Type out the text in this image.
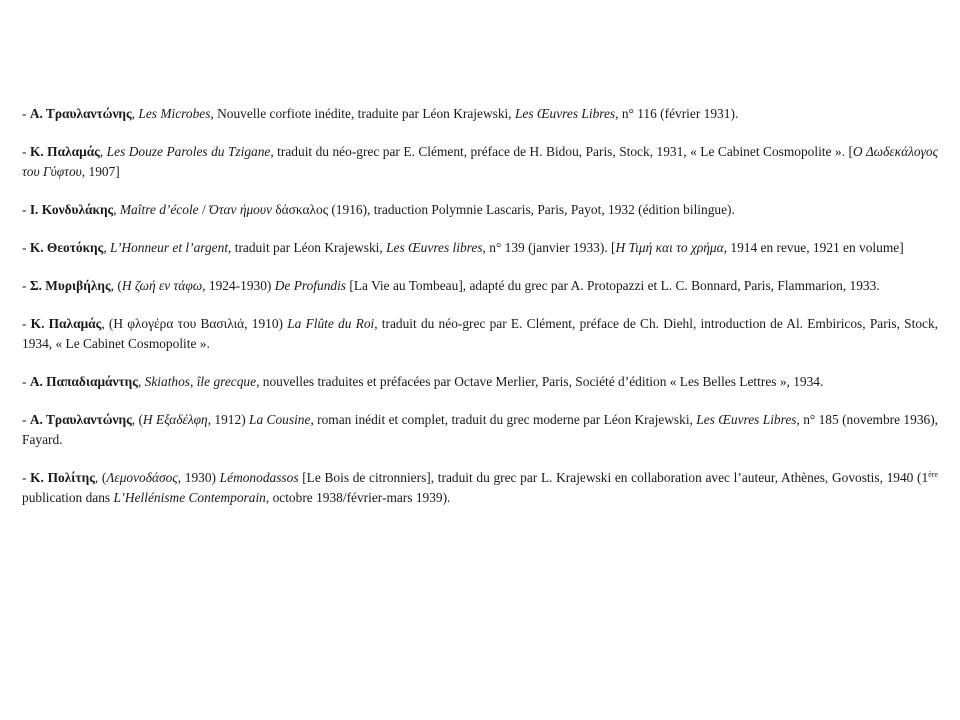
- Α. Τραυλαντώνης, Les Microbes, Nouvelle corfiote inédite, traduite par Léon Krajewski, Les Œuvres Libres, n° 116 (février 1931).

- Κ. Παλαμάς, Les Douze Paroles du Tzigane, traduit du néo-grec par E. Clément, préface de H. Bidou, Paris, Stock, 1931, « Le Cabinet Cosmopolite ». [Ο Δωδεκάλογος του Γύφτου, 1907]

- Ι. Κονδυλάκης, Maître d’école / Όταν ήμουν δάσκαλος (1916), traduction Polymnie Lascaris, Paris, Payot, 1932 (édition bilingue).

- Κ. Θεοτόκης, L’Honneur et l’argent, traduit par Léon Krajewski, Les Œuvres libres, n° 139 (janvier 1933). [Η Τιμή και το χρήμα, 1914 en revue, 1921 en volume]

- Σ. Μυριβήλης, (Η ζωή εν τάφω, 1924-1930) De Profundis [La Vie au Tombeau], adapté du grec par A. Protopazzi et L. C. Bonnard, Paris, Flammarion, 1933.

- Κ. Παλαμάς, (Η φλογέρα του Βασιλιά, 1910) La Flûte du Roi, traduit du néo-grec par E. Clément, préface de Ch. Diehl, introduction de Al. Embiricos, Paris, Stock, 1934, « Le Cabinet Cosmopolite ».

- Α. Παπαδιαμάντης, Skiathos, île grecque, nouvelles traduites et préfacées par Octave Merlier, Paris, Société d’édition « Les Belles Lettres », 1934.

- Α. Τραυλαντώνης, (Η Εξαδέλφη, 1912) La Cousine, roman inédit et complet, traduit du grec moderne par Léon Krajewski, Les Œuvres Libres, n° 185 (novembre 1936), Fayard.

- Κ. Πολίτης, (Λεμονοδάσος, 1930) Lémonodassos [Le Bois de citronniers], traduit du grec par L. Krajewski en collaboration avec l’auteur, Athènes, Govostis, 1940 (1ère publication dans L’Hellénisme Contemporain, octobre 1938/février-mars 1939).
